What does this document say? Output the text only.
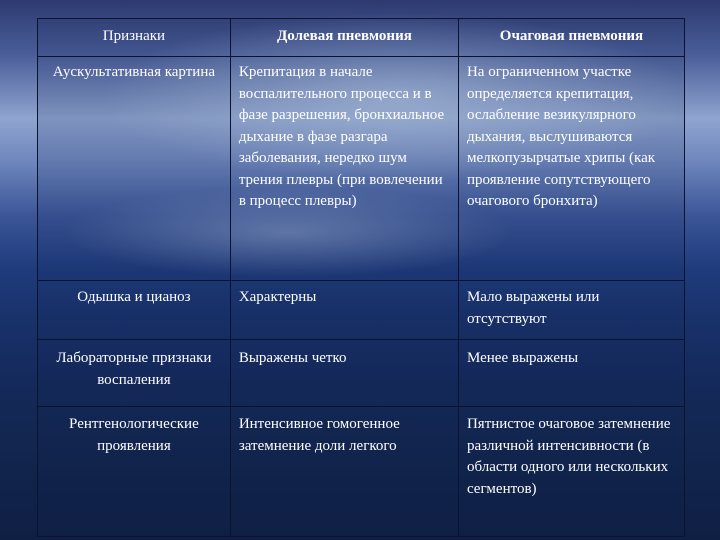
Признаки	Долевая пневмония	Очаговая пневмония
Аускультативная картина	Крепитация в начале воспалительного процесса и в фазе разрешения, бронхиальное дыхание в фазе разгара заболевания, нередко шум трения плевры (при вовлечении в процесс плевры)	На ограниченном участке определяется крепитация, ослабление везикулярного дыхания, выслушиваются мелкопузырчатые хрипы (как проявление сопутствующего очагового бронхита)
Одышка и цианоз	Характерны	Мало выражены или отсутствуют
Лабораторные признаки воспаления	Выражены четко	Менее выражены
Рентгенологические проявления	Интенсивное гомогенное затемнение доли легкого	Пятнистое очаговое затемнение различной интенсивности (в области одного или нескольких сегментов)
